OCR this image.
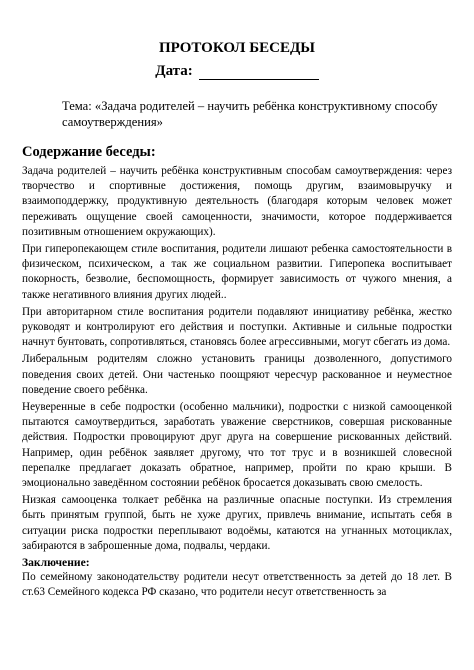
ПРОТОКОЛ БЕСЕДЫ
Дата:
Тема: «Задача родителей – научить ребёнка конструктивному способу самоутверждения»
Содержание беседы:
Задача родителей – научить ребёнка конструктивным способам самоутверждения: через творчество и спортивные достижения, помощь другим, взаимовыручку и взаимоподдержку, продуктивную деятельность (благодаря которым человек может переживать ощущение своей самоценности, значимости, которое поддерживается позитивным отношением окружающих).
При гиперопекающем стиле воспитания, родители лишают ребенка самостоятельности в физическом, психическом, а так же социальном развитии. Гиперопека воспитывает покорность, безволие, беспомощность, формирует зависимость от чужого мнения, а также негативного влияния других людей..
При авторитарном стиле воспитания родители подавляют инициативу ребёнка, жестко руководят и контролируют его действия и поступки. Активные и сильные подростки начнут бунтовать, сопротивляться, становясь более агрессивными, могут сбегать из дома.
Либеральным родителям сложно установить границы дозволенного, допустимого поведения своих детей. Они частенько поощряют чересчур раскованное и неуместное поведение своего ребёнка.
Неуверенные в себе подростки (особенно мальчики), подростки с низкой самооценкой пытаются самоутвердиться, заработать уважение сверстников, совершая рискованные действия. Подростки провоцируют друг друга на совершение рискованных действий. Например, один ребёнок заявляет другому, что тот трус и в возникшей словесной перепалке предлагает доказать обратное, например, пройти по краю крыши. В эмоционально заведённом состоянии ребёнок бросается доказывать свою смелость.
Низкая самооценка толкает ребёнка на различные опасные поступки. Из стремления быть принятым группой, быть не хуже других, привлечь внимание, испытать себя в ситуации риска подростки переплывают водоёмы, катаются на угнанных мотоциклах, забираются в заброшенные дома, подвалы, чердаки.
Заключение:
По семейному законодательству родители несут ответственность за детей до 18 лет. В ст.63 Семейного кодекса РФ сказано, что родители несут ответственность за
